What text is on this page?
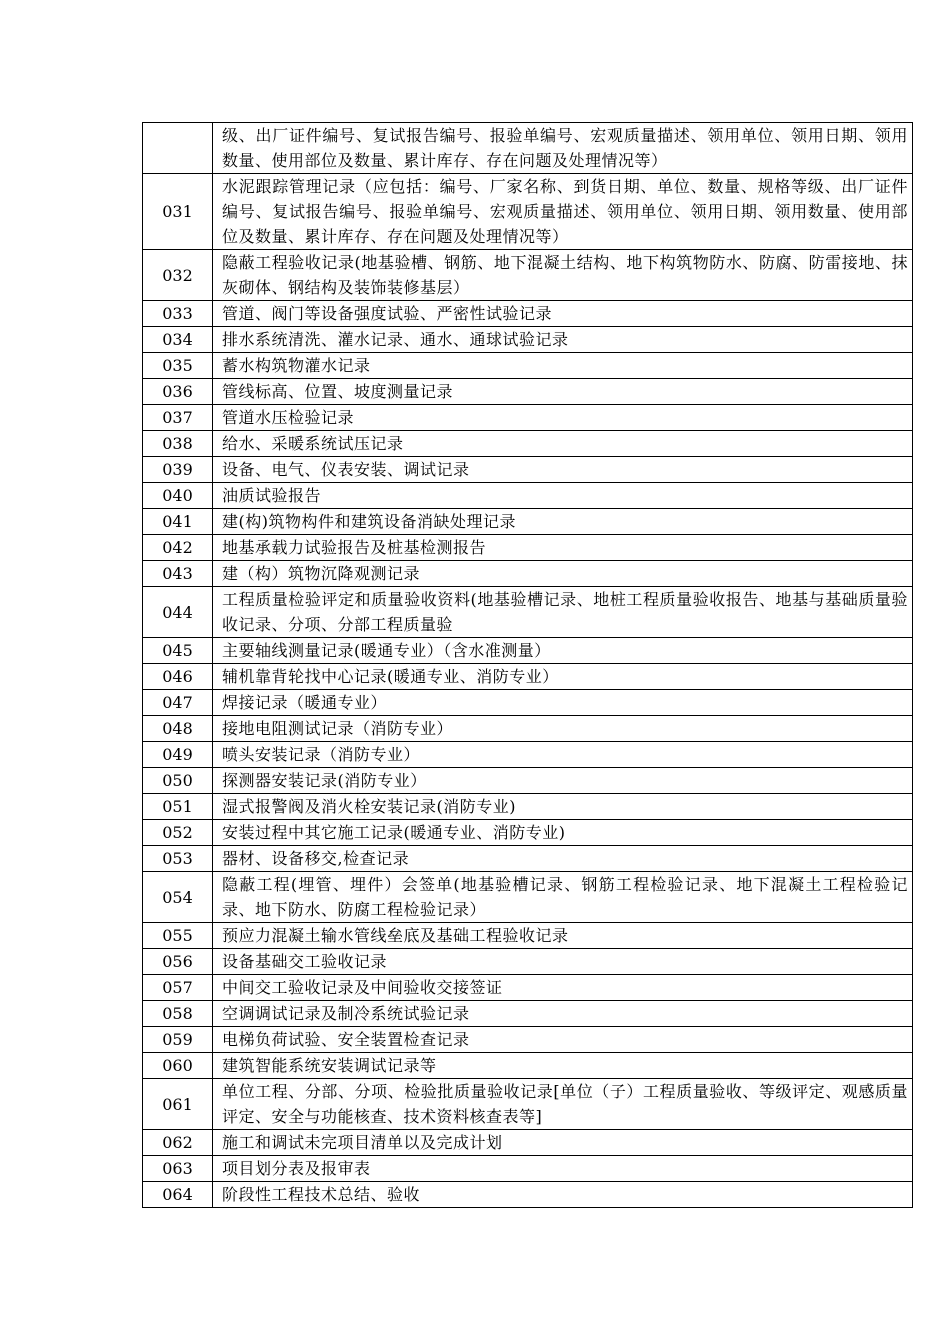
	级、出厂证件编号、复试报告编号、报验单编号、宏观质量描述、领用单位、领用日期、领用数量、使用部位及数量、累计库存、存在问题及处理情况等）
031	水泥跟踪管理记录（应包括：编号、厂家名称、到货日期、单位、数量、规格等级、出厂证件编号、复试报告编号、报验单编号、宏观质量描述、领用单位、领用日期、领用数量、使用部位及数量、累计库存、存在问题及处理情况等）
032	隐蔽工程验收记录(地基验槽、钢筋、地下混凝土结构、地下构筑物防水、防腐、防雷接地、抹灰砌体、钢结构及装饰装修基层）
033	管道、阀门等设备强度试验、严密性试验记录
034	排水系统清洗、灌水记录、通水、通球试验记录
035	蓄水构筑物灌水记录
036	管线标高、位置、坡度测量记录
037	管道水压检验记录
038	给水、采暖系统试压记录
039	设备、电气、仪表安装、调试记录
040	油质试验报告
041	建(构)筑物构件和建筑设备消缺处理记录
042	地基承载力试验报告及桩基检测报告
043	建（构）筑物沉降观测记录
044	工程质量检验评定和质量验收资料(地基验槽记录、地桩工程质量验收报告、地基与基础质量验收记录、分项、分部工程质量验
045	主要轴线测量记录(暖通专业）（含水准测量）
046	辅机靠背轮找中心记录(暖通专业、消防专业）
047	焊接记录（暖通专业）
048	接地电阻测试记录（消防专业）
049	喷头安装记录（消防专业）
050	探测器安装记录(消防专业）
051	湿式报警阀及消火栓安装记录(消防专业)
052	安装过程中其它施工记录(暖通专业、消防专业)
053	器材、设备移交,检查记录
054	隐蔽工程(埋管、埋件）会签单(地基验槽记录、钢筋工程检验记录、地下混凝土工程检验记录、地下防水、防腐工程检验记录）
055	预应力混凝土输水管线垒底及基础工程验收记录
056	设备基础交工验收记录
057	中间交工验收记录及中间验收交接签证
058	空调调试记录及制冷系统试验记录
059	电梯负荷试验、安全装置检查记录
060	建筑智能系统安装调试记录等
061	单位工程、分部、分项、检验批质量验收记录[单位（子）工程质量验收、等级评定、观感质量评定、安全与功能核查、技术资料核查表等]
062	施工和调试未完项目清单以及完成计划
063	项目划分表及报审表
064	阶段性工程技术总结、验收
